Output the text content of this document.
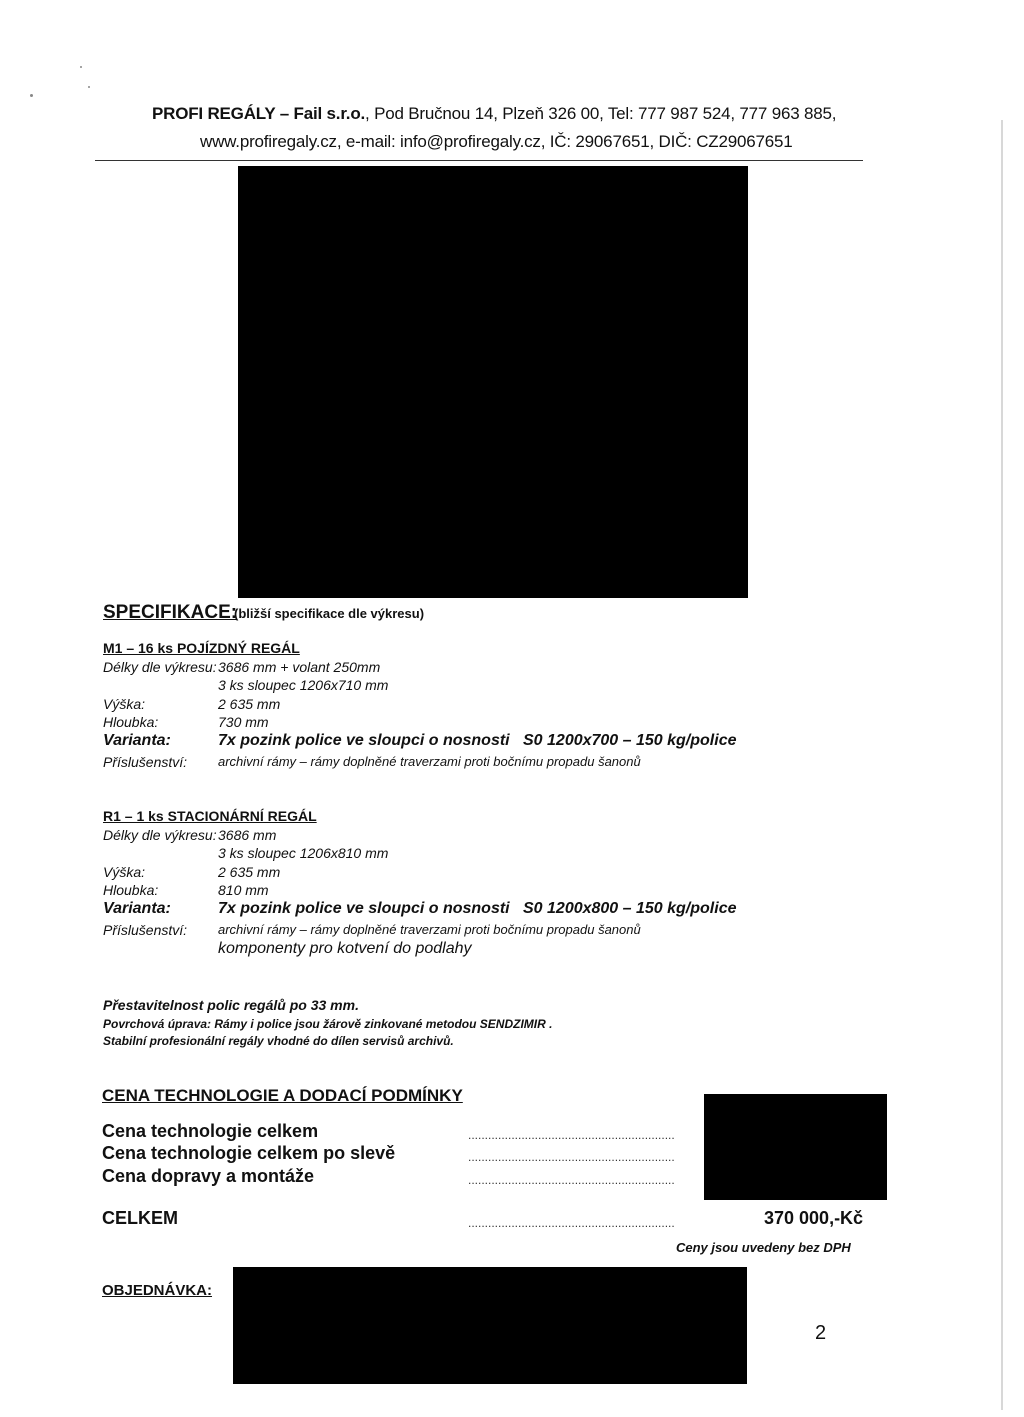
PROFI REGÁLY – Fail s.r.o., Pod Bručnou 14, Plzeň 326 00, Tel: 777 987 524, 777 963 885,
www.profiregaly.cz, e-mail: info@profiregaly.cz, IČ: 29067651, DIČ: CZ29067651
SPECIFIKACE:
(bližší specifikace dle výkresu)
M1 – 16 ks POJÍZDNÝ REGÁL
Délky dle výkresu: 3686 mm + volant 250mm
3 ks sloupec 1206x710 mm
Výška:	2 635 mm
Hloubka:	730 mm
Varianta:	7x pozink police ve sloupci o nosnosti S0 1200x700 – 150 kg/police
Příslušenství: archivní rámy – rámy doplněné traverzami proti bočnímu propadu šanonů
R1 – 1 ks STACIONÁRNÍ REGÁL
Délky dle výkresu: 3686 mm
3 ks sloupec 1206x810 mm
Výška:	2 635 mm
Hloubka:	810 mm
Varianta:	7x pozink police ve sloupci o nosnosti S0 1200x800 – 150 kg/police
Příslušenství: archivní rámy – rámy doplněné traverzami proti bočnímu propadu šanonů
komponenty pro kotvení do podlahy
Přestavitelnost polic regálů po 33 mm.
Povrchová úprava: Rámy i police jsou žárově zinkované metodou SENDZIMIR .
Stabilní profesionální regály vhodné do dílen servisů archivů.
CENA TECHNOLOGIE A DODACÍ PODMÍNKY
Cena technologie celkem	..............................................................
Cena technologie celkem po slevě	..............................................................
Cena dopravy a montáže	..............................................................
CELKEM	..............................................................	370 000,-Kč
Ceny jsou uvedeny bez DPH
OBJEDNÁVKA:
2
